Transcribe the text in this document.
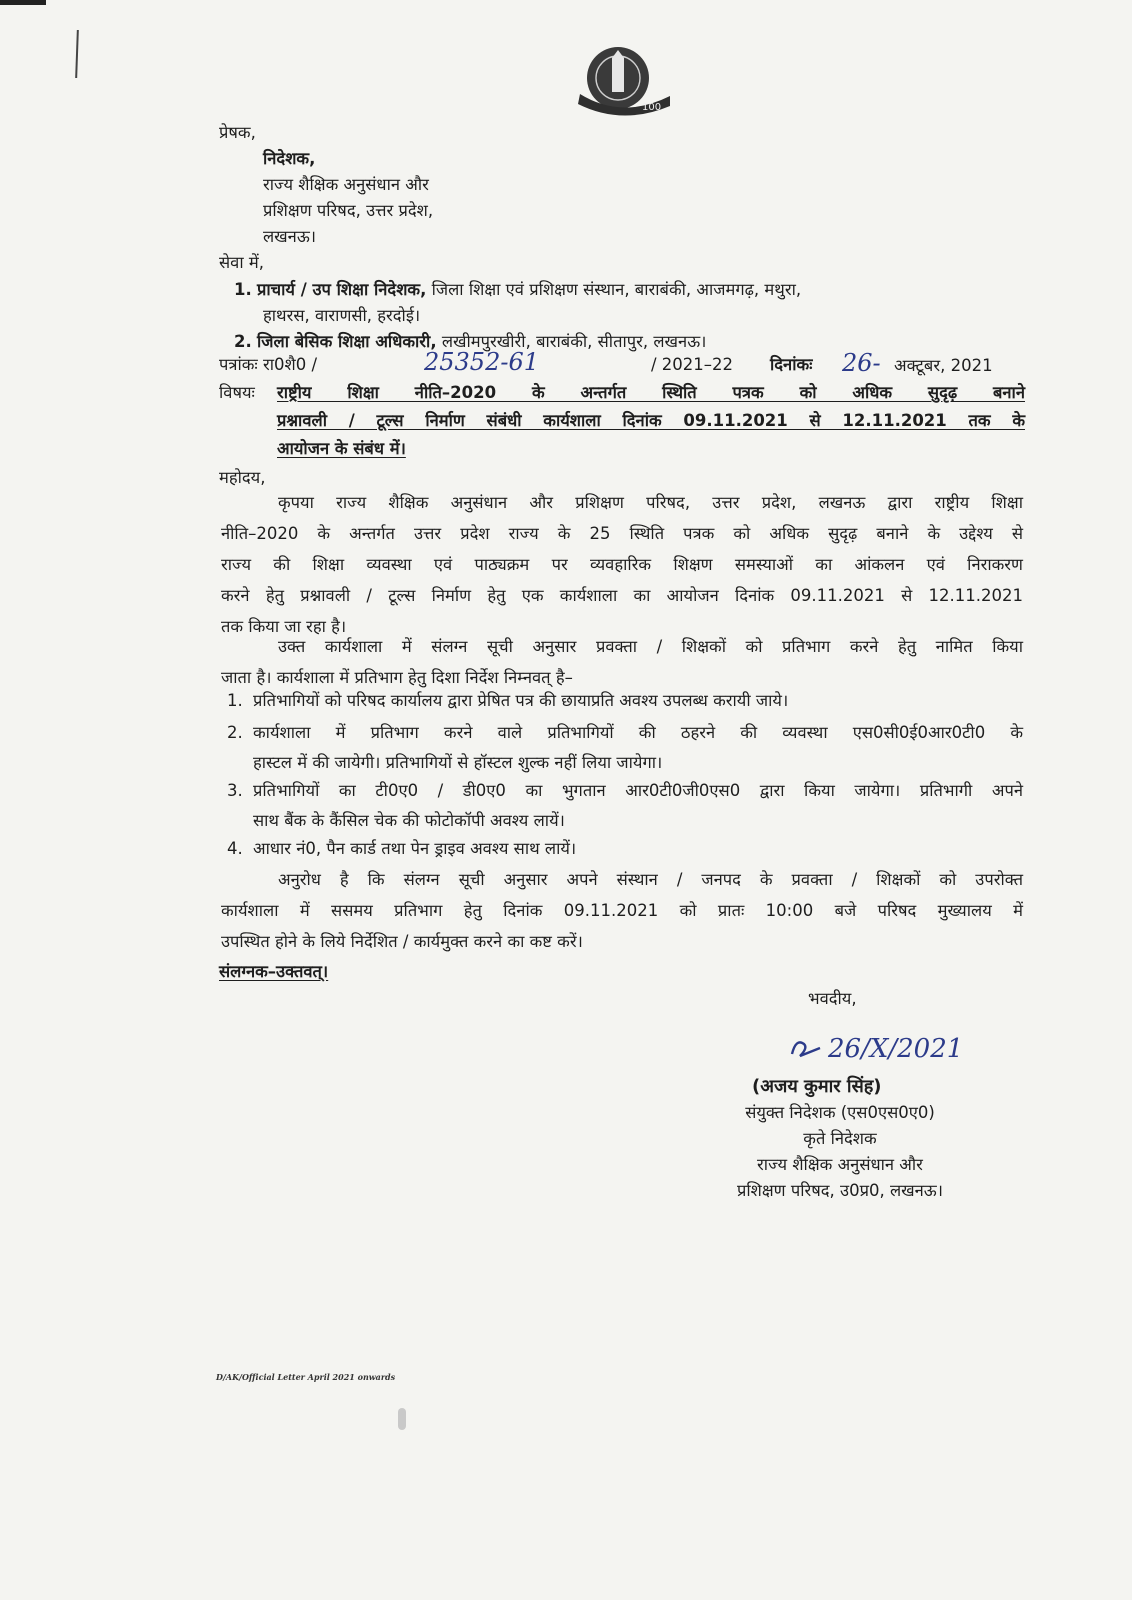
100
प्रेषक,
निदेशक,
राज्य शैक्षिक अनुसंधान और
प्रशिक्षण परिषद, उत्तर प्रदेश,
लखनऊ।
सेवा में,
1. प्राचार्य / उप शिक्षा निदेशक, जिला शिक्षा एवं प्रशिक्षण संस्थान, बाराबंकी, आजमगढ़, मथुरा,
हाथरस, वाराणसी, हरदोई।
2. जिला बेसिक शिक्षा अधिकारी, लखीमपुरखीरी, बाराबंकी, सीतापुर, लखनऊ।
पत्रांकः रा0शै0 /	25352-61	/ 2021–22 दिनांकः 26- अक्टूबर, 2021
विषयः राष्ट्रीय शिक्षा नीति–2020 के अन्तर्गत स्थिति पत्रक को अधिक सुदृढ़ बनाने
प्रश्नावली / टूल्स निर्माण संबंधी कार्यशाला दिनांक 09.11.2021 से 12.11.2021 तक के
आयोजन के संबंध में।
महोदय,
कृपया राज्य शैक्षिक अनुसंधान और प्रशिक्षण परिषद, उत्तर प्रदेश, लखनऊ द्वारा राष्ट्रीय शिक्षा
नीति–2020 के अन्तर्गत उत्तर प्रदेश राज्य के 25 स्थिति पत्रक को अधिक सुदृढ़ बनाने के उद्देश्य से
राज्य की शिक्षा व्यवस्था एवं पाठ्यक्रम पर व्यवहारिक शिक्षण समस्याओं का आंकलन एवं निराकरण
करने हेतु प्रश्नावली / टूल्स निर्माण हेतु एक कार्यशाला का आयोजन दिनांक 09.11.2021 से 12.11.2021
तक किया जा रहा है।
उक्त कार्यशाला में संलग्न सूची अनुसार प्रवक्ता / शिक्षकों को प्रतिभाग करने हेतु नामित किया
जाता है। कार्यशाला में प्रतिभाग हेतु दिशा निर्देश निम्नवत् है–
1. प्रतिभागियों को परिषद कार्यालय द्वारा प्रेषित पत्र की छायाप्रति अवश्य उपलब्ध करायी जाये।
2. कार्यशाला में प्रतिभाग करने वाले प्रतिभागियों की ठहरने की व्यवस्था एस0सी0ई0आर0टी0 के
हास्टल में की जायेगी। प्रतिभागियों से हॉस्टल शुल्क नहीं लिया जायेगा।
3. प्रतिभागियों का टी0ए0 / डी0ए0 का भुगतान आर0टी0जी0एस0 द्वारा किया जायेगा। प्रतिभागी अपने
साथ बैंक के कैंसिल चेक की फोटोकॉपी अवश्य लायें।
4. आधार नं0, पैन कार्ड तथा पेन ड्राइव अवश्य साथ लायें।
अनुरोध है कि संलग्न सूची अनुसार अपने संस्थान / जनपद के प्रवक्ता / शिक्षकों को उपरोक्त
कार्यशाला में ससमय प्रतिभाग हेतु दिनांक 09.11.2021 को प्रातः 10:00 बजे परिषद मुख्यालय में
उपस्थित होने के लिये निर्देशित / कार्यमुक्त करने का कष्ट करें।
संलग्नक–उक्तवत्।
भवदीय,
26/X/2021
(अजय कुमार सिंह)
संयुक्त निदेशक (एस0एस0ए0)
कृते निदेशक
राज्य शैक्षिक अनुसंधान और
प्रशिक्षण परिषद, उ0प्र0, लखनऊ।
D/AK/Official Letter April 2021 onwards
